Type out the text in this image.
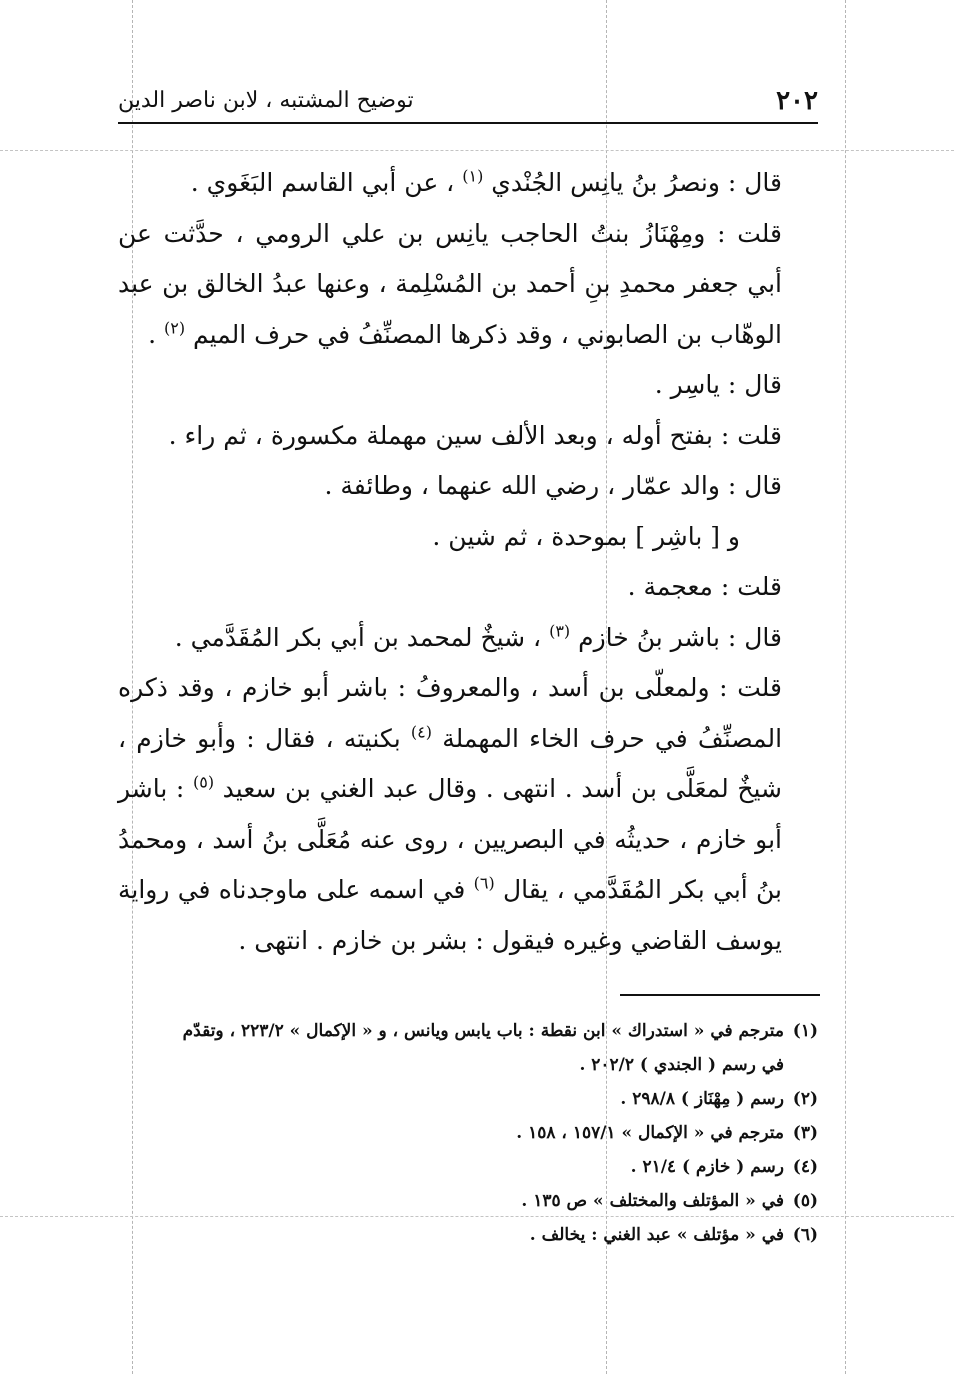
٢٠٢
توضيح المشتبه ، لابن ناصر الدين

قال : ونصرُ بنُ يانِس الجُنْدي $^{(١)}$ ، عن أبي القاسم البَغَوي .

قلت : ومِهْنَازُ بنتُ الحاجب يانِس بن علي الرومي ، حدَّثت عن أبي جعفر محمدِ بنِ أحمد بن المُسْلِمة ، وعنها عبدُ الخالق بن عبد الوهّاب بن الصابوني ، وقد ذكرها المصنِّفُ في حرف الميم $^{(٢)}$ .

قال : ياسِر .

قلت : بفتح أوله ، وبعد الألف سين مهملة مكسورة ، ثم راء .

قال : والد عمّار ، رضي الله عنهما ، وطائفة .

و [ باشِر ] بموحدة ، ثم شين .

قلت : معجمة .

قال : باشر بنُ خازم $^{(٣)}$ ، شيخٌ لمحمد بن أبي بكر المُقَدَّمي .

قلت : ولمعلّى بن أسد ، والمعروفُ : باشر أبو خازم ، وقد ذكره المصنِّفُ في حرف الخاء المهملة $^{(٤)}$ بكنيته ، فقال : وأبو خازم ، شيخٌ لمعَلَّى بن أسد . انتهى . وقال عبد الغني بن سعيد $^{(٥)}$ : باشر أبو خازم ، حديثُه في البصريين ، روى عنه مُعَلَّى بنُ أسد ، ومحمدُ بنُ أبي بكر المُقَدَّمي ، يقال $^{(٦)}$ في اسمه على ماوجدناه في رواية يوسف القاضي وغيره فيقول : بشر بن خازم . انتهى .

(١)مترجم في « استدراك » ابن نقطة : باب يابس ويانس ، و « الإكمال » ٢٢٣/٢ ، وتقدّم

في رسم ( الجندي ) ٢٠٢/٢ .

(٢)رسم ( مِهْنَاز ) ٢٩٨/٨ .

(٣)مترجم في « الإكمال » ١٥٧/١ ، ١٥٨ .

(٤)رسم ( خازم ) ٢١/٤ .

(٥)في « المؤتلف والمختلف » ص ١٣٥ .

(٦)في « مؤتلف » عبد الغني : يخالف .
